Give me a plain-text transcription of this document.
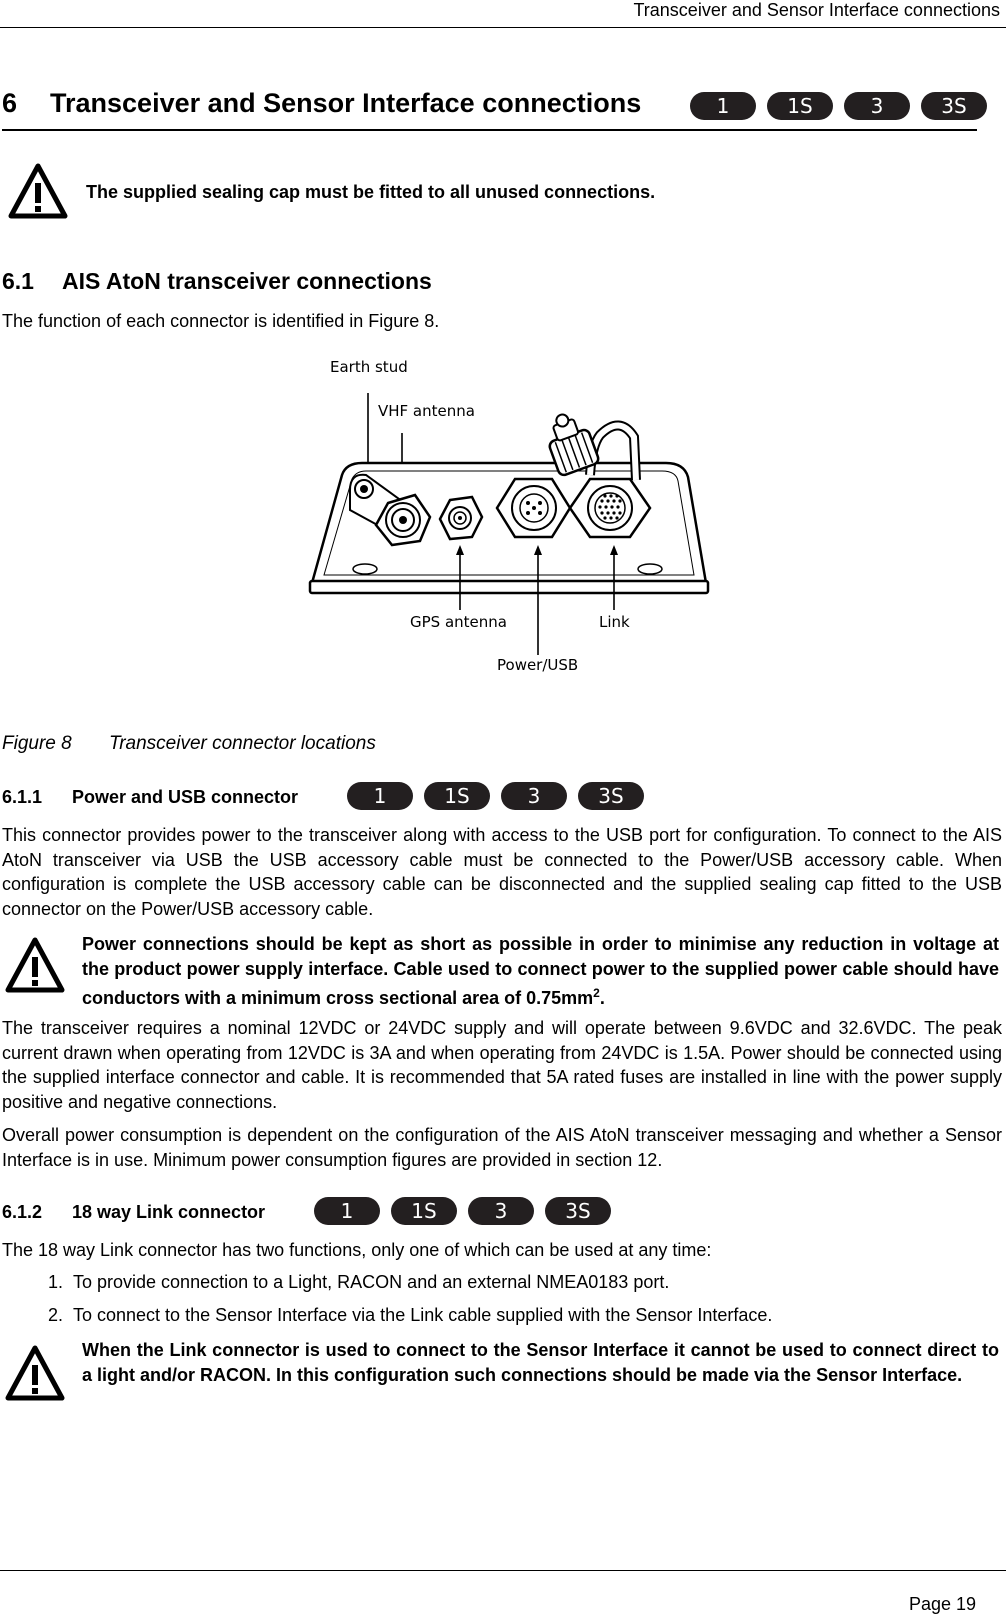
Transceiver and Sensor Interface connections
6 Transceiver and Sensor Interface connections	1	1S	3	3S
The supplied sealing cap must be fitted to all unused connections.
6.1 AIS AtoN transceiver connections
The function of each connector is identified in Figure 8.
Earth stud
VHF antenna
GPS antenna	Link
Power/USB
Figure 8 Transceiver connector locations
6.1.1 Power and USB connector	1	1S	3	3S
This connector provides power to the transceiver along with access to the USB port for configuration. To connect to the AIS AtoN transceiver via USB the USB accessory cable must be connected to the Power/USB accessory cable. When configuration is complete the USB accessory cable can be disconnected and the supplied sealing cap fitted to the USB connector on the Power/USB accessory cable.
Power connections should be kept as short as possible in order to minimise any reduction in voltage at the product power supply interface. Cable used to connect power to the supplied power cable should have conductors with a minimum cross sectional area of $0.75mm^2$.
The transceiver requires a nominal 12VDC or 24VDC supply and will operate between 9.6VDC and 32.6VDC. The peak current drawn when operating from 12VDC is 3A and when operating from 24VDC is 1.5A. Power should be connected using the supplied interface connector and cable. It is recommended that 5A rated fuses are installed in line with the power supply positive and negative connections.
Overall power consumption is dependent on the configuration of the AIS AtoN transceiver messaging and whether a Sensor Interface is in use. Minimum power consumption figures are provided in section 12.
6.1.2 18 way Link connector	1	1S	3	3S
The 18 way Link connector has two functions, only one of which can be used at any time:
1. To provide connection to a Light, RACON and an external NMEA0183 port.
2. To connect to the Sensor Interface via the Link cable supplied with the Sensor Interface.
When the Link connector is used to connect to the Sensor Interface it cannot be used to connect direct to a light and/or RACON. In this configuration such connections should be made via the Sensor Interface.
Page 19
